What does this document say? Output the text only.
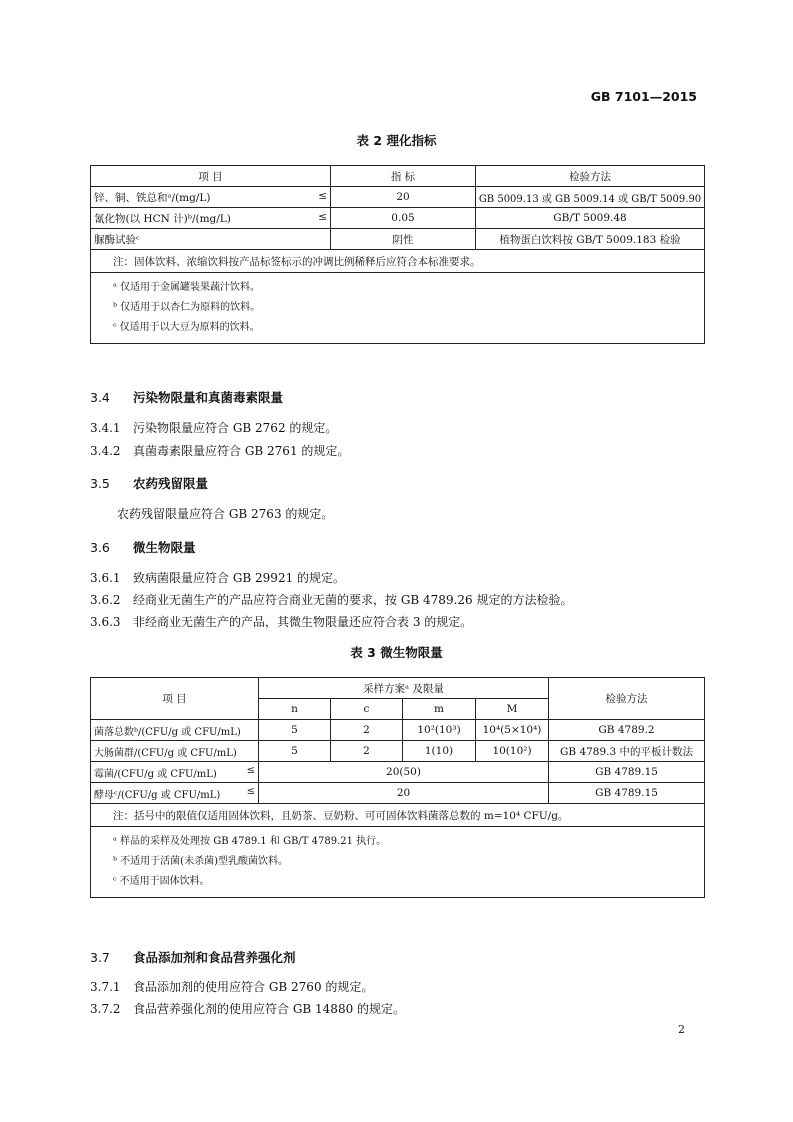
GB 7101—2015
表 2 理化指标
项 目	指 标	检验方法
锌、铜、铁总和ᵃ/(mg/L) ≤	20	GB 5009.13 或 GB 5009.14 或 GB/T 5009.90
氰化物(以 HCN 计)ᵇ/(mg/L) ≤	0.05	GB/T 5009.48
脲酶试验ᶜ	阴性	植物蛋白饮料按 GB/T 5009.183 检验
注：固体饮料、浓缩饮料按产品标签标示的冲调比例稀释后应符合本标准要求。		

ᵃ 仅适用于金属罐装果蔬汁饮料。
ᵇ 仅适用于以杏仁为原料的饮料。
ᶜ 仅适用于以大豆为原料的饮料。		
3.4 污染物限量和真菌毒素限量
3.4.1 污染物限量应符合 GB 2762 的规定。
3.4.2 真菌毒素限量应符合 GB 2761 的规定。
3.5 农药残留限量
农药残留限量应符合 GB 2763 的规定。
3.6 微生物限量
3.6.1 致病菌限量应符合 GB 29921 的规定。
3.6.2 经商业无菌生产的产品应符合商业无菌的要求，按 GB 4789.26 规定的方法检验。
3.6.3 非经商业无菌生产的产品，其微生物限量还应符合表 3 的规定。
表 3 微生物限量
项 目	采样方案ᵃ 及限量				检验方法
	n	c	m	M	
菌落总数ᵇ/(CFU/g 或 CFU/mL)	5	2	10²(10³)	10⁴(5×10⁴)	GB 4789.2
大肠菌群/(CFU/g 或 CFU/mL)	5	2	1(10)	10(10²)	GB 4789.3 中的平板计数法
霉菌/(CFU/g 或 CFU/mL) ≤	20(50)				GB 4789.15
酵母ᶜ/(CFU/g 或 CFU/mL) ≤	20				GB 4789.15
注：括号中的限值仅适用固体饮料，且奶茶、豆奶粉、可可固体饮料菌落总数的 m=10⁴ CFU/g。					

ᵃ 样品的采样及处理按 GB 4789.1 和 GB/T 4789.21 执行。
ᵇ 不适用于活菌(未杀菌)型乳酸菌饮料。
ᶜ 不适用于固体饮料。					
3.7 食品添加剂和食品营养强化剂
3.7.1 食品添加剂的使用应符合 GB 2760 的规定。
3.7.2 食品营养强化剂的使用应符合 GB 14880 的规定。
2
